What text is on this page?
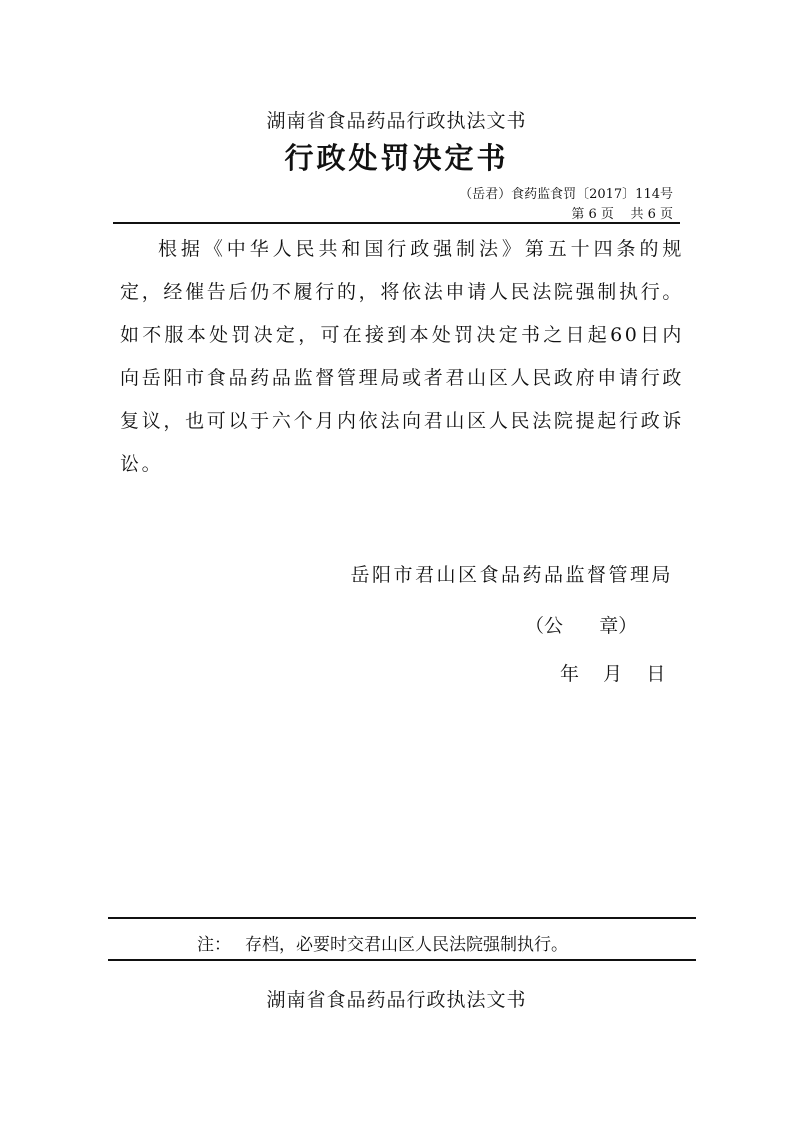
湖南省食品药品行政执法文书
行政处罚决定书
（岳君）食药监食罚〔2017〕114号
第 6 页    共 6 页

根据《中华人民共和国行政强制法》第五十四条的规定，经催告后仍不履行的，将依法申请人民法院强制执行。如不服本处罚决定，可在接到本处罚决定书之日起60日内向岳阳市食品药品监督管理局或者君山区人民政府申请行政复议，也可以于六个月内依法向君山区人民法院提起行政诉讼。

岳阳市君山区食品药品监督管理局
（公      章）
年    月    日
注： 存档，必要时交君山区人民法院强制执行。
湖南省食品药品行政执法文书
